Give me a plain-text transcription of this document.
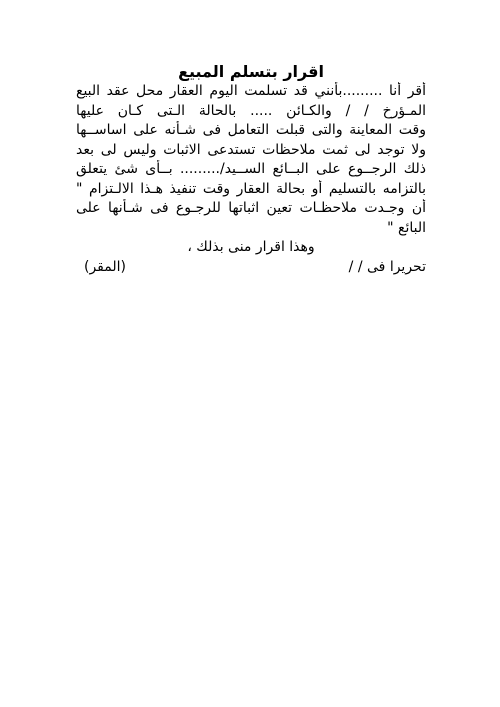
اقرار بتسلم المبيع
أقر أنا .........بأنني قد تسلمت اليوم العقار محل عقد البيع
المـؤرخ / / والكـائن ..... بالحالة الـتى كـان عليها
وقت المعاينة والتى قبلت التعامل فى شـأنه على اساســها
ولا توجد لى ثمت ملاحظات تستدعى الاثبات وليس لى بعد
ذلك الرجــوع على البــائع الســيد/......... بــأى شئ يتعلق
بالتزامه بالتسليم أو بحالة العقار وقت تنفيذ هـذا الالـتزام "
أن وجـدت ملاحظـات تعين اثباتها للرجـوع فى شـأنها على
البائع "
وهذا اقرار منى بذلك ،
تحريرا فى / /
(المقر)
